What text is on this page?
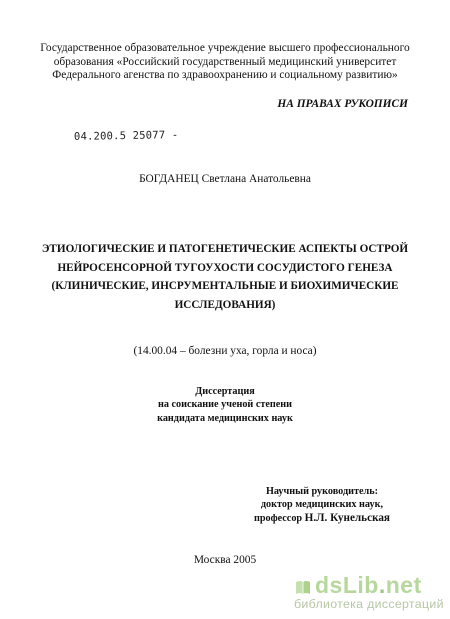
Государственное образовательное учреждение высшего профессионального
образования «Российский государственный медицинский университет
Федерального агенства по здравоохранению и социальному развитию»
НА ПРАВАХ РУКОПИСИ
04.200.5 25077 -
БОГДАНЕЦ Светлана Анатольевна
ЭТИОЛОГИЧЕСКИЕ И ПАТОГЕНЕТИЧЕСКИЕ АСПЕКТЫ ОСТРОЙ
НЕЙРОСЕНСОРНОЙ ТУГОУХОСТИ СОСУДИСТОГО ГЕНЕЗА
(КЛИНИЧЕСКИЕ, ИНСРУМЕНТАЛЬНЫЕ И БИОХИМИЧЕСКИЕ
ИССЛЕДОВАНИЯ)
(14.00.04 – болезни уха, горла и носа)
Диссертация
на соискание ученой степени
кандидата медицинских наук
Научный руководитель:
доктор медицинских наук,
профессор Н.Л. Кунельская
Москва 2005
dsLib.net
библиотека диссертаций
